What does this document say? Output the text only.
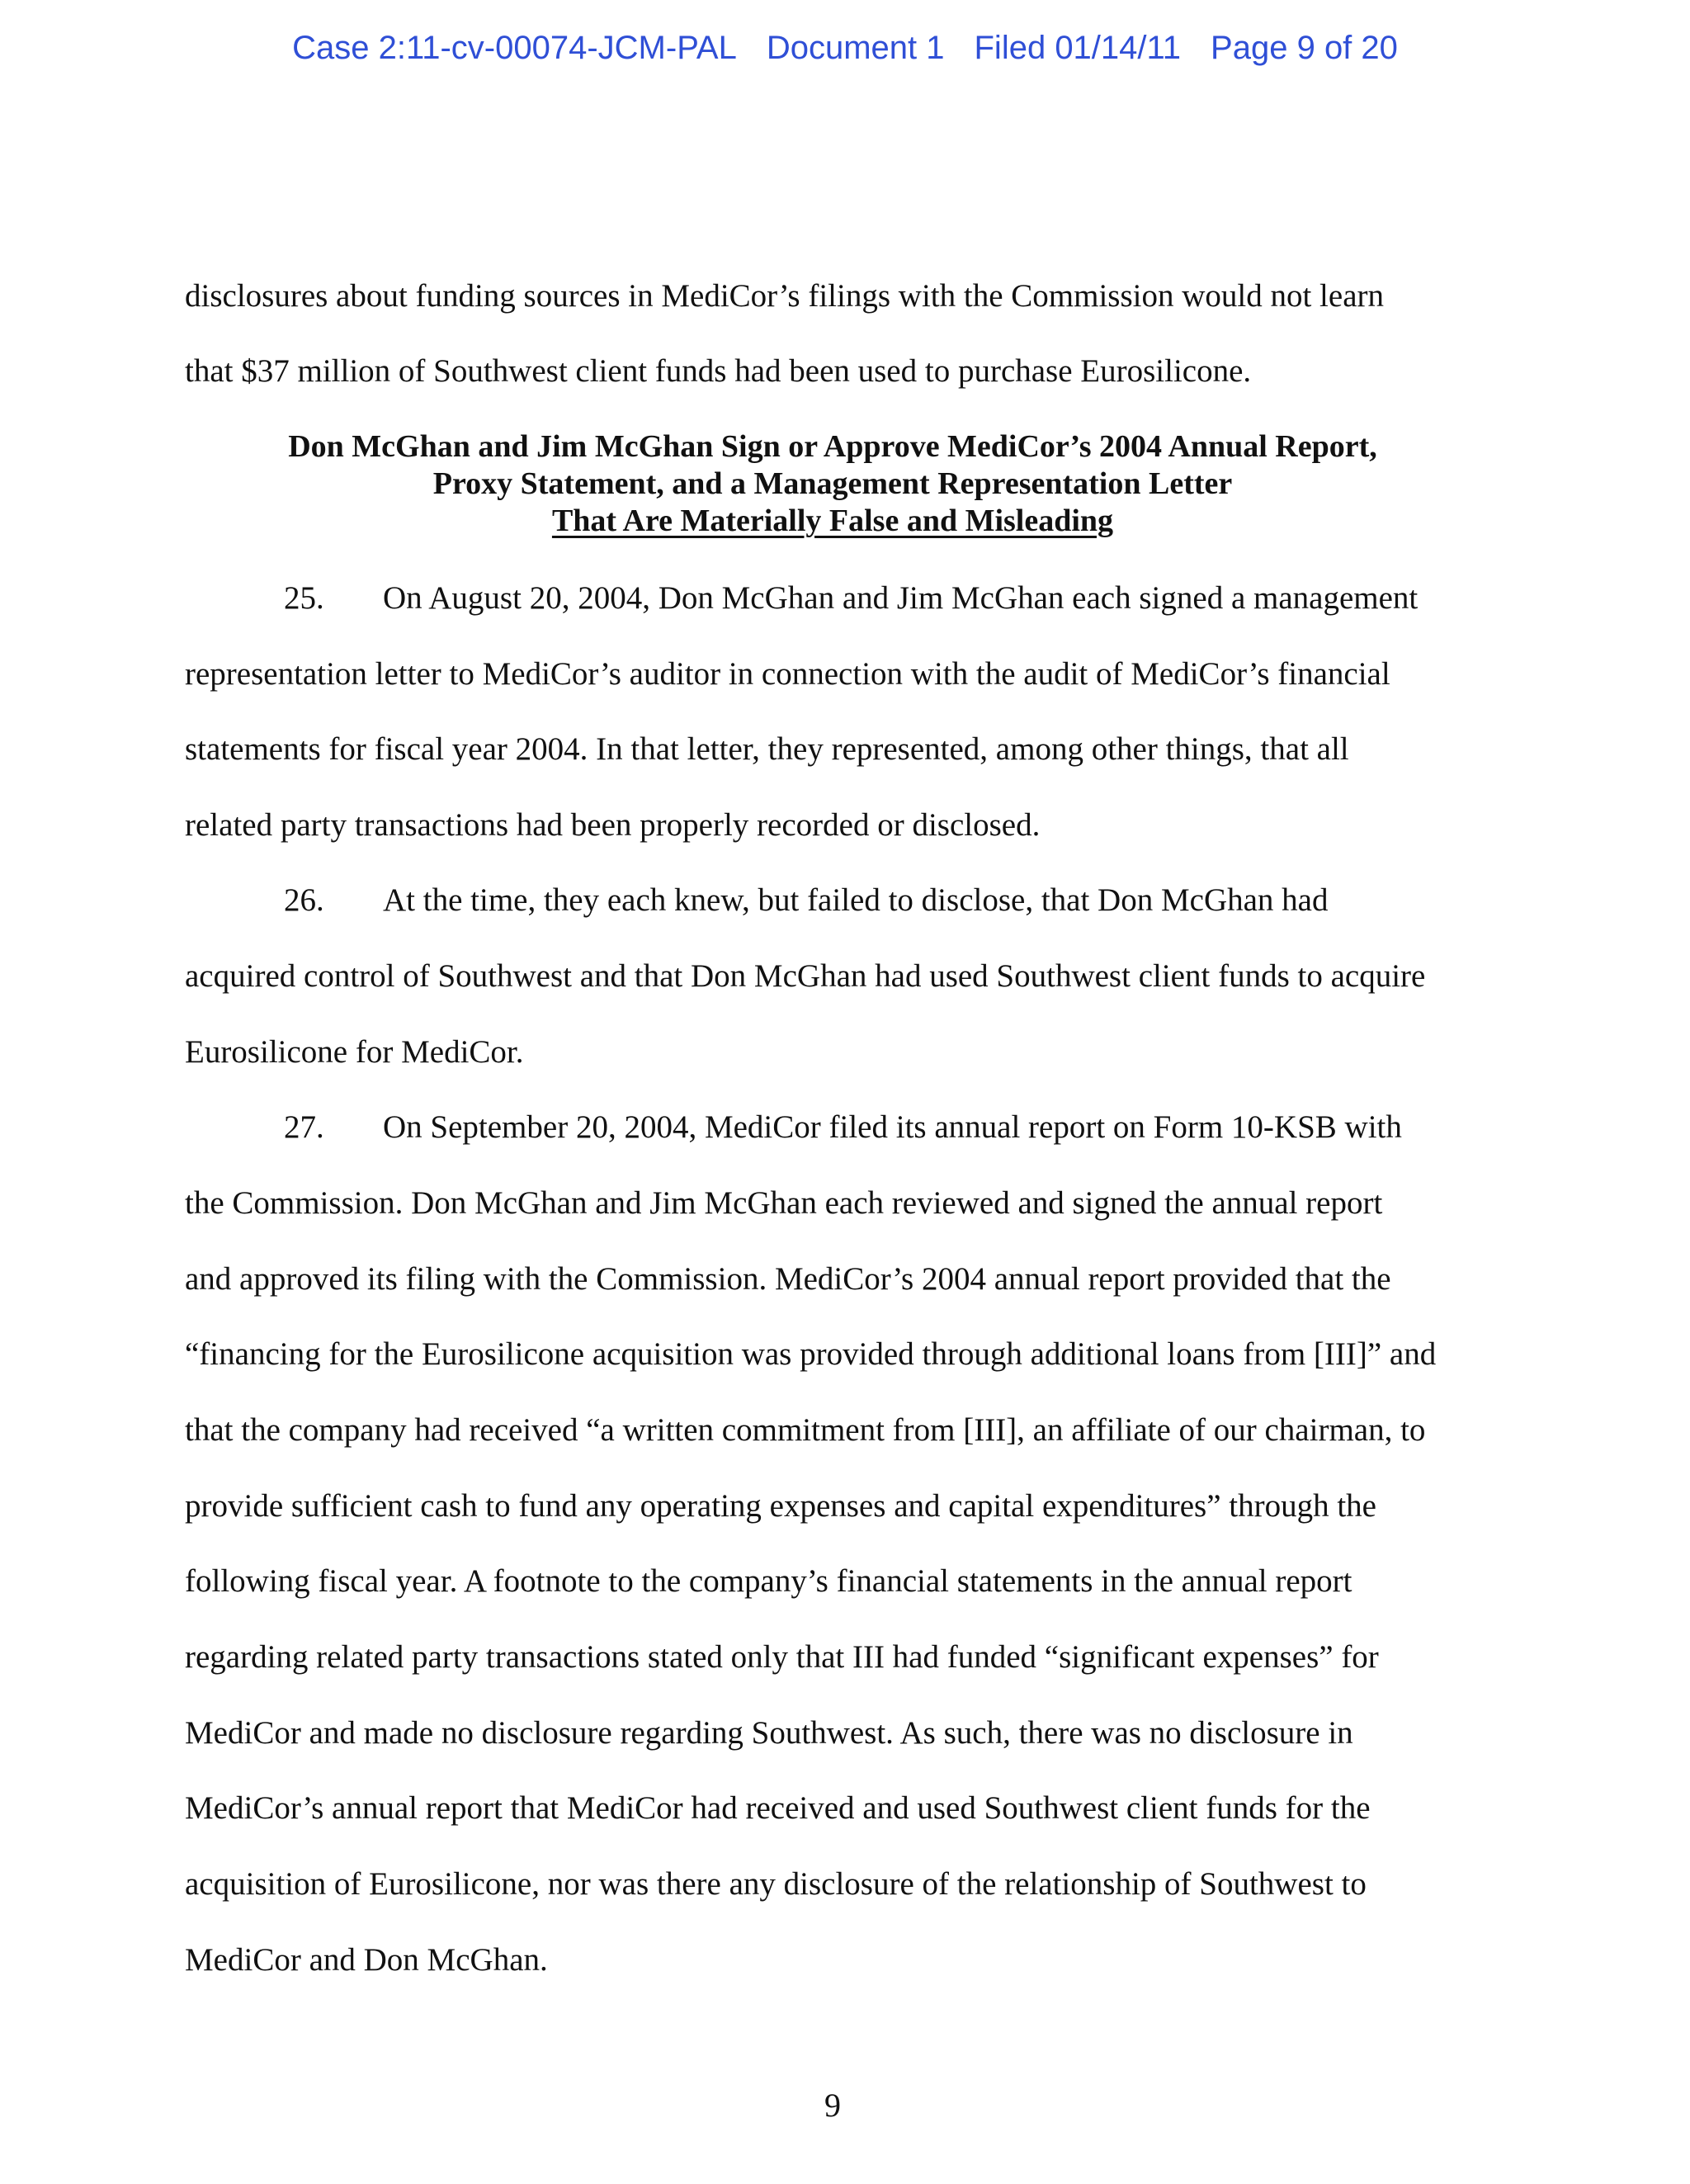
Case 2:11-cv-00074-JCM-PAL Document 1 Filed 01/14/11 Page 9 of 20
disclosures about funding sources in MediCor’s filings with the Commission would not learn
that $37 million of Southwest client funds had been used to purchase Eurosilicone.
Don McGhan and Jim McGhan Sign or Approve MediCor’s 2004 Annual Report,
Proxy Statement, and a Management Representation Letter
That Are Materially False and Misleading
25. On August 20, 2004, Don McGhan and Jim McGhan each signed a management
representation letter to MediCor’s auditor in connection with the audit of MediCor’s financial
statements for fiscal year 2004. In that letter, they represented, among other things, that all
related party transactions had been properly recorded or disclosed.
26. At the time, they each knew, but failed to disclose, that Don McGhan had
acquired control of Southwest and that Don McGhan had used Southwest client funds to acquire
Eurosilicone for MediCor.
27. On September 20, 2004, MediCor filed its annual report on Form 10-KSB with
the Commission. Don McGhan and Jim McGhan each reviewed and signed the annual report
and approved its filing with the Commission. MediCor’s 2004 annual report provided that the
“financing for the Eurosilicone acquisition was provided through additional loans from [III]” and
that the company had received “a written commitment from [III], an affiliate of our chairman, to
provide sufficient cash to fund any operating expenses and capital expenditures” through the
following fiscal year. A footnote to the company’s financial statements in the annual report
regarding related party transactions stated only that III had funded “significant expenses” for
MediCor and made no disclosure regarding Southwest. As such, there was no disclosure in
MediCor’s annual report that MediCor had received and used Southwest client funds for the
acquisition of Eurosilicone, nor was there any disclosure of the relationship of Southwest to
MediCor and Don McGhan.
9
